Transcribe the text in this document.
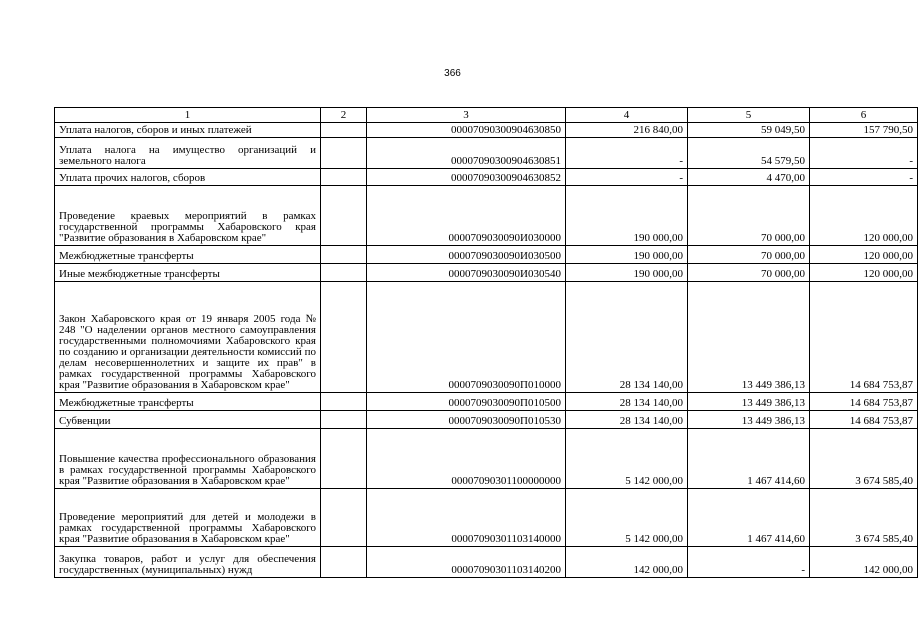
366
1	2	3	4	5	6
Уплата налогов, сборов и иных платежей		00007090300904630850	216 840,00	59 049,50	157 790,50
Уплата налога на имущество организаций и земельного налога		00007090300904630851	-	54 579,50	-
Уплата прочих налогов, сборов		00007090300904630852	-	4 470,00	-
Проведение краевых мероприятий в рамках государственной программы Хабаровского края "Развитие образования в Хабаровском крае"		0000709030090И030000	190 000,00	70 000,00	120 000,00
Межбюджетные трансферты		0000709030090И030500	190 000,00	70 000,00	120 000,00
Иные межбюджетные трансферты		0000709030090И030540	190 000,00	70 000,00	120 000,00
Закон Хабаровского края от 19 января 2005 года № 248 "О наделении органов местного самоуправления государственными полномочиями Хабаровского края по созданию и организации деятельности комиссий по делам несовершеннолетних и защите их прав" в рамках государственной программы Хабаровского края "Развитие образования в Хабаровском крае"		0000709030090П010000	28 134 140,00	13 449 386,13	14 684 753,87
Межбюджетные трансферты		0000709030090П010500	28 134 140,00	13 449 386,13	14 684 753,87
Субвенции		0000709030090П010530	28 134 140,00	13 449 386,13	14 684 753,87
Повышение качества профессионального образования в рамках государственной программы Хабаровского края "Развитие образования в Хабаровском крае"		00007090301100000000	5 142 000,00	1 467 414,60	3 674 585,40
Проведение мероприятий для детей и молодежи в рамках государственной программы Хабаровского края "Развитие образования в Хабаровском крае"		00007090301103140000	5 142 000,00	1 467 414,60	3 674 585,40
Закупка товаров, работ и услуг для обеспечения государственных (муниципальных) нужд		00007090301103140200	142 000,00	-	142 000,00
